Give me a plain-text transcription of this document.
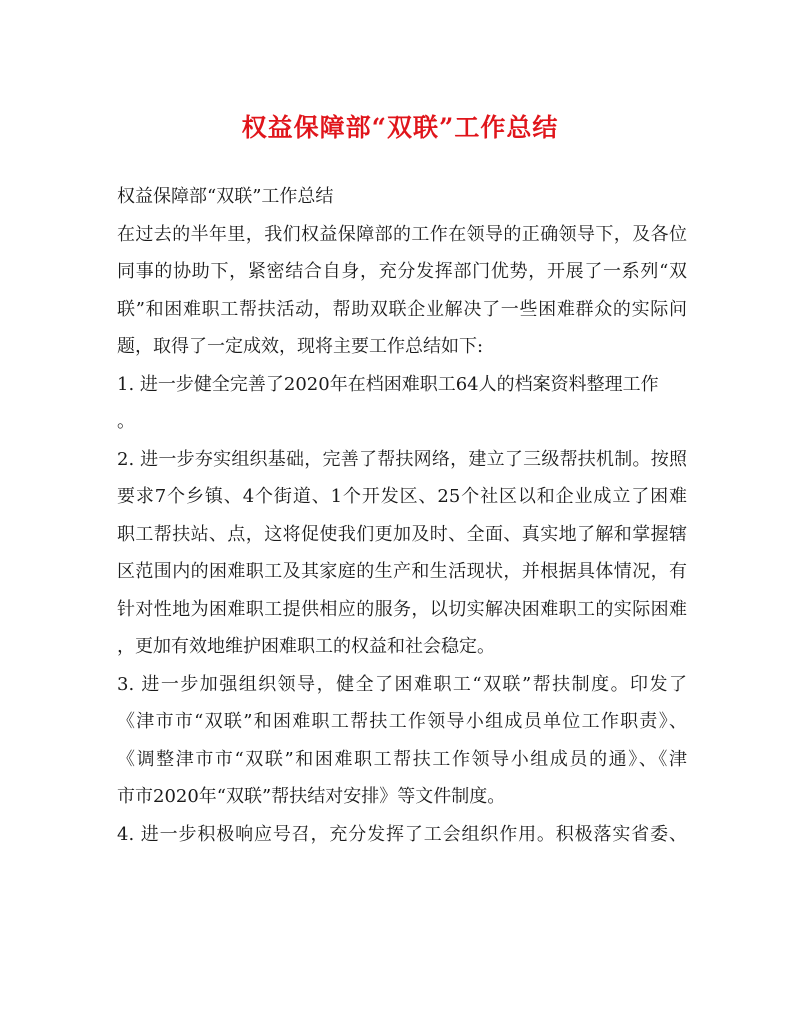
权益保障部“双联”工作总结
权益保障部“双联”工作总结
在过去的半年里，我们权益保障部的工作在领导的正确领导下，及各位
同事的协助下，紧密结合自身，充分发挥部门优势，开展了一系列“双
联”和困难职工帮扶活动，帮助双联企业解决了一些困难群众的实际问
题，取得了一定成效，现将主要工作总结如下:
1. 进一步健全完善了2020年在档困难职工64人的档案资料整理工作
。
2. 进一步夯实组织基础，完善了帮扶网络，建立了三级帮扶机制。按照
要求7个乡镇、4个街道、1个开发区、25个社区以和企业成立了困难
职工帮扶站、点，这将促使我们更加及时、全面、真实地了解和掌握辖
区范围内的困难职工及其家庭的生产和生活现状，并根据具体情况，有
针对性地为困难职工提供相应的服务，以切实解决困难职工的实际困难
，更加有效地维护困难职工的权益和社会稳定。
3. 进一步加强组织领导，健全了困难职工“双联”帮扶制度。印发了
《津市市“双联”和困难职工帮扶工作领导小组成员单位工作职责》、
《调整津市市“双联”和困难职工帮扶工作领导小组成员的通》、《津
市市2020年“双联”帮扶结对安排》等文件制度。
4. 进一步积极响应号召，充分发挥了工会组织作用。积极落实省委、
